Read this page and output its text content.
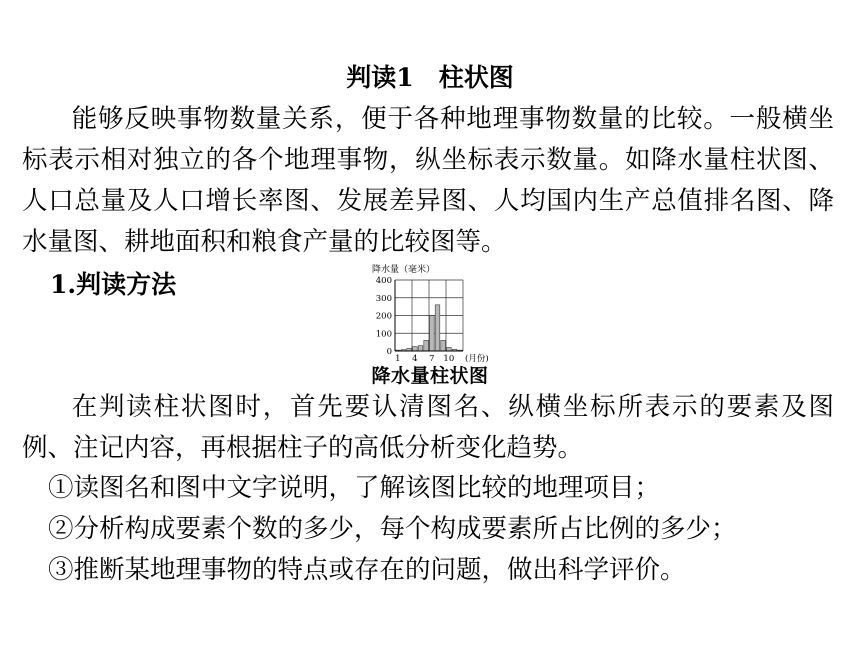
判读1　柱状图
能够反映事物数量关系，便于各种地理事物数量的比较。一般横坐标表示相对独立的各个地理事物，纵坐标表示数量。如降水量柱状图、人口总量及人口增长率图、发展差异图、人均国内生产总值排名图、降水量图、耕地面积和粮食产量的比较图等。
1.判读方法	降水量（毫米）
0
100
200
300
400
1 4 7 10 (月份)
降水量柱状图
在判读柱状图时，首先要认清图名、纵横坐标所表示的要素及图例、注记内容，再根据柱子的高低分析变化趋势。
①读图名和图中文字说明，了解该图比较的地理项目；
②分析构成要素个数的多少，每个构成要素所占比例的多少；
③推断某地理事物的特点或存在的问题，做出科学评价。
